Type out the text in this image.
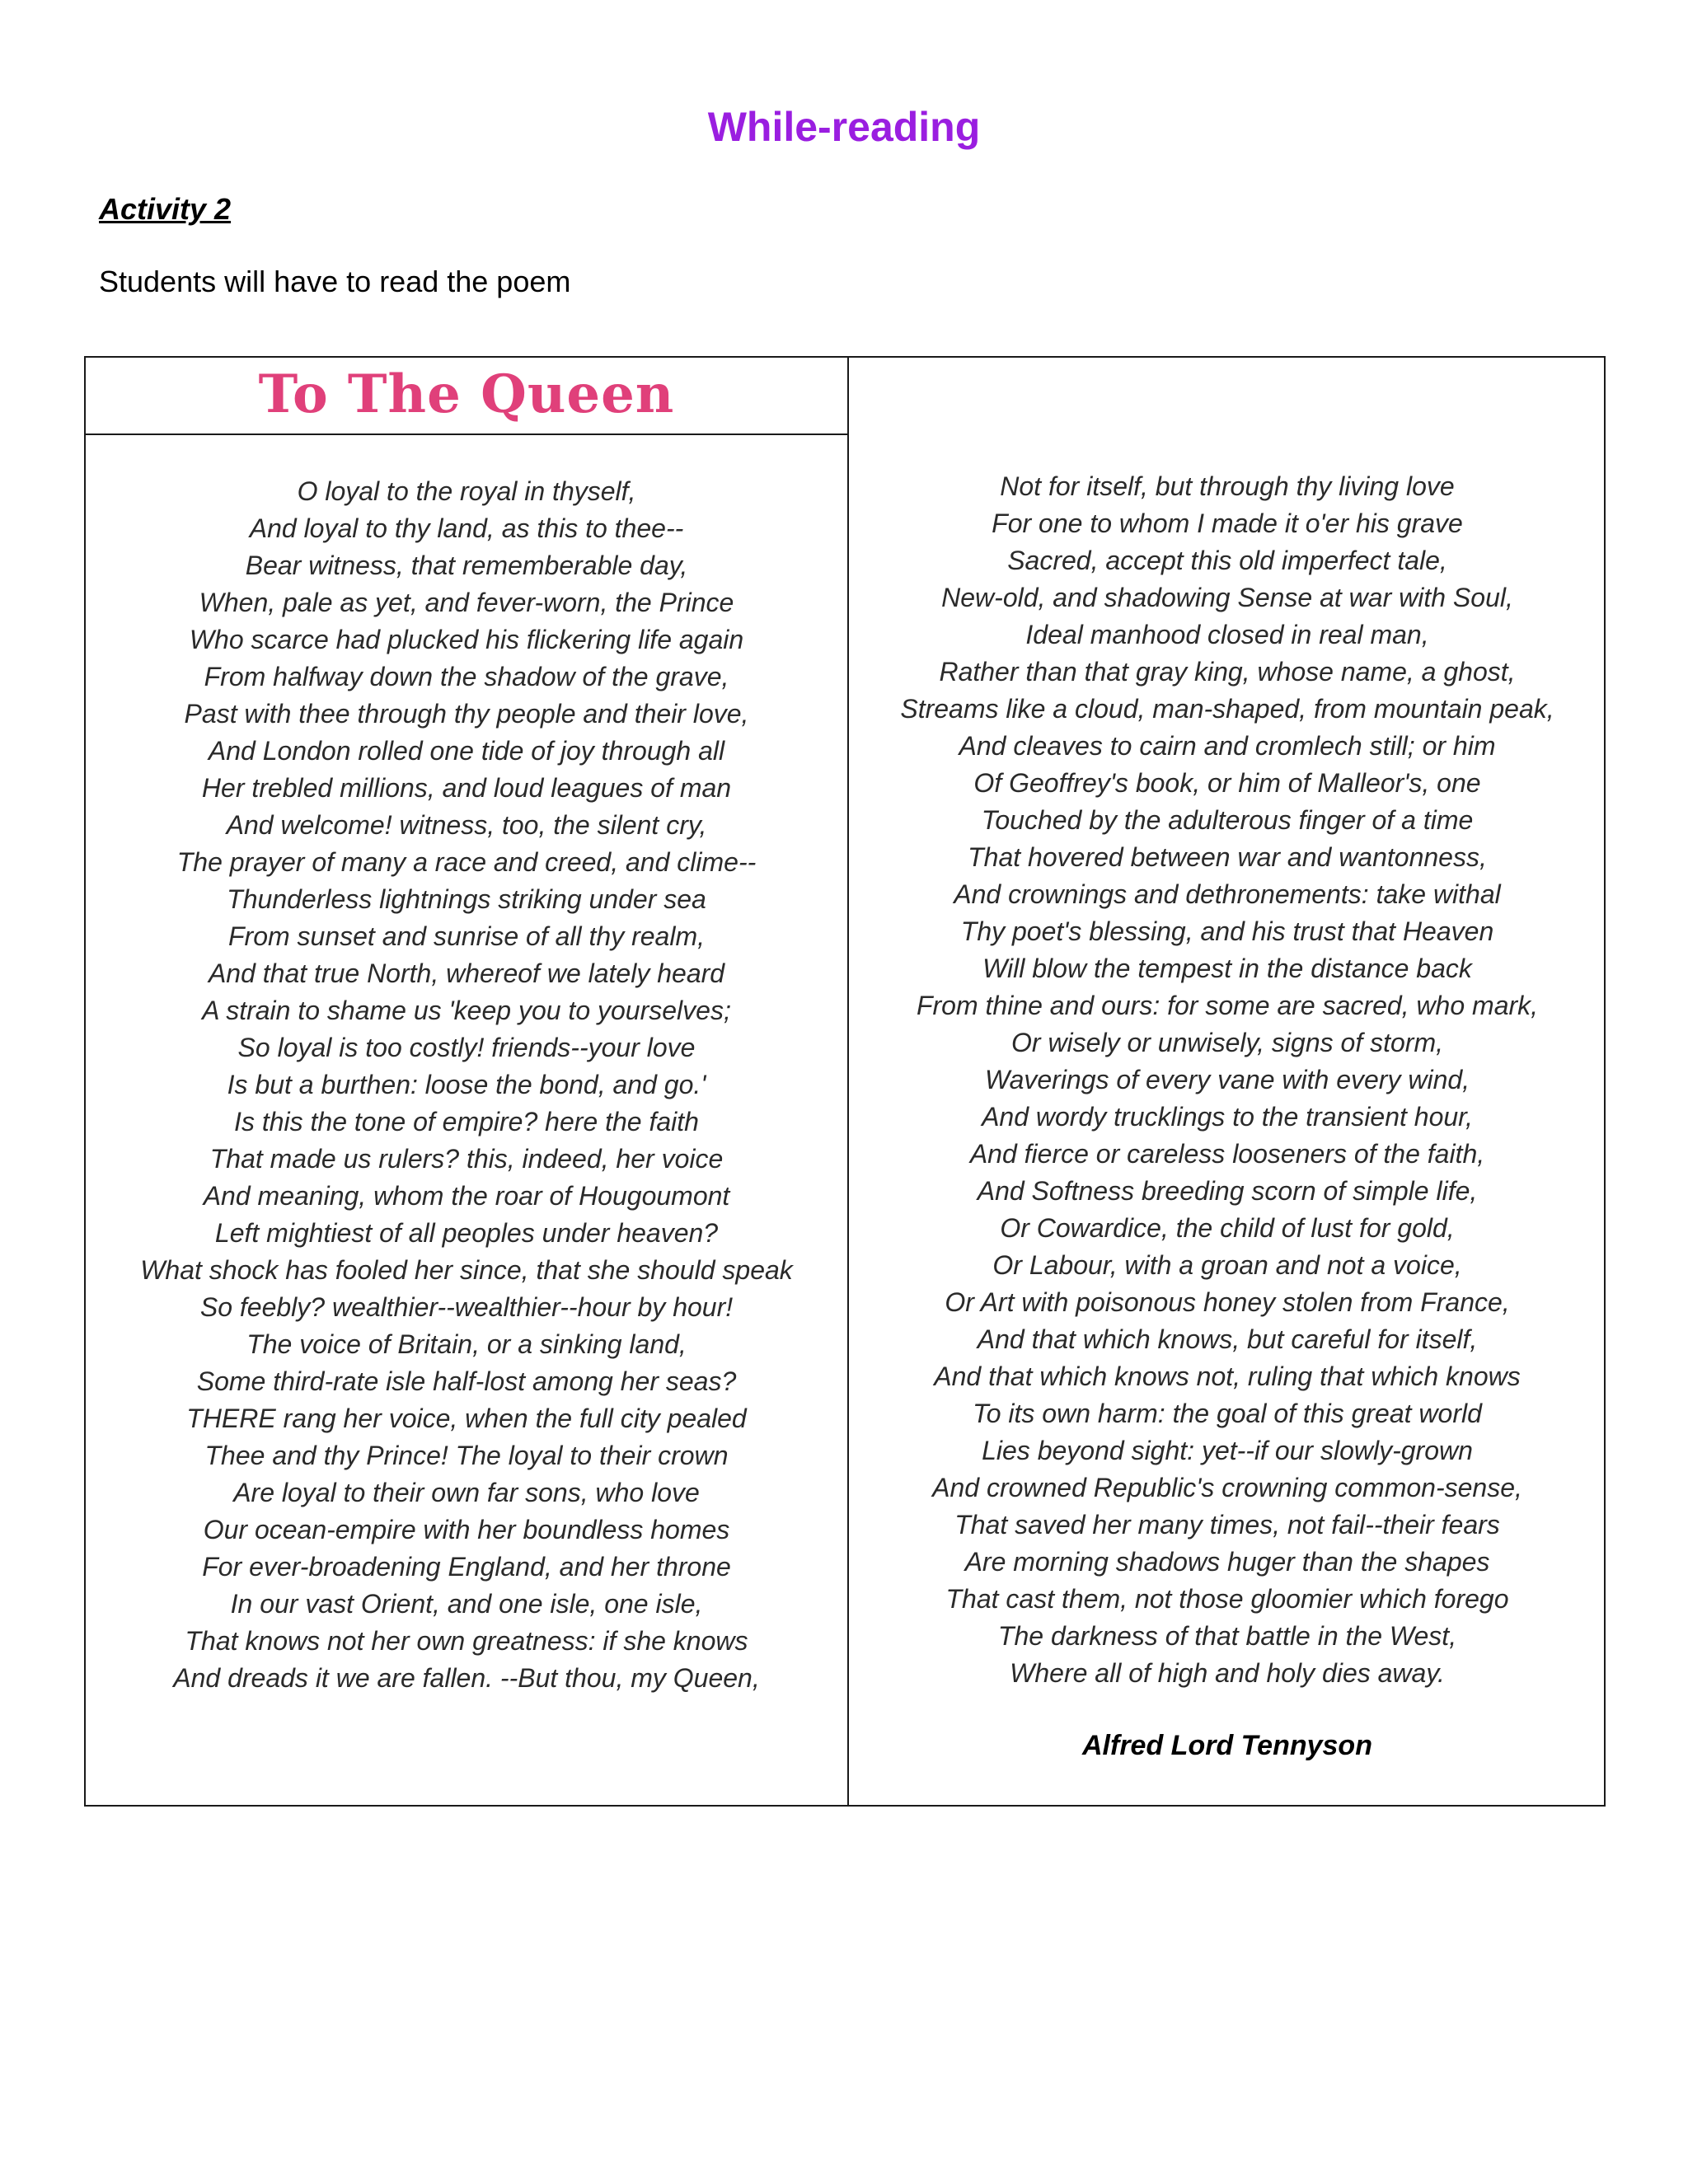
While-reading
Activity 2
Students will have to read the poem
To The Queen
O loyal to the royal in thyself,
And loyal to thy land, as this to thee--
Bear witness, that rememberable day,
When, pale as yet, and fever-worn, the Prince
Who scarce had plucked his flickering life again
From halfway down the shadow of the grave,
Past with thee through thy people and their love,
And London rolled one tide of joy through all
Her trebled millions, and loud leagues of man
And welcome! witness, too, the silent cry,
The prayer of many a race and creed, and clime--
Thunderless lightnings striking under sea
From sunset and sunrise of all thy realm,
And that true North, whereof we lately heard
A strain to shame us 'keep you to yourselves;
So loyal is too costly! friends--your love
Is but a burthen: loose the bond, and go.'
Is this the tone of empire? here the faith
That made us rulers? this, indeed, her voice
And meaning, whom the roar of Hougoumont
Left mightiest of all peoples under heaven?
What shock has fooled her since, that she should speak
So feebly? wealthier--wealthier--hour by hour!
The voice of Britain, or a sinking land,
Some third-rate isle half-lost among her seas?
THERE rang her voice, when the full city pealed
Thee and thy Prince! The loyal to their crown
Are loyal to their own far sons, who love
Our ocean-empire with her boundless homes
For ever-broadening England, and her throne
In our vast Orient, and one isle, one isle,
That knows not her own greatness: if she knows
And dreads it we are fallen. --But thou, my Queen,
Not for itself, but through thy living love
For one to whom I made it o'er his grave
Sacred, accept this old imperfect tale,
New-old, and shadowing Sense at war with Soul,
Ideal manhood closed in real man,
Rather than that gray king, whose name, a ghost,
Streams like a cloud, man-shaped, from mountain peak,
And cleaves to cairn and cromlech still; or him
Of Geoffrey's book, or him of Malleor's, one
Touched by the adulterous finger of a time
That hovered between war and wantonness,
And crownings and dethronements: take withal
Thy poet's blessing, and his trust that Heaven
Will blow the tempest in the distance back
From thine and ours: for some are sacred, who mark,
Or wisely or unwisely, signs of storm,
Waverings of every vane with every wind,
And wordy trucklings to the transient hour,
And fierce or careless looseners of the faith,
And Softness breeding scorn of simple life,
Or Cowardice, the child of lust for gold,
Or Labour, with a groan and not a voice,
Or Art with poisonous honey stolen from France,
And that which knows, but careful for itself,
And that which knows not, ruling that which knows
To its own harm: the goal of this great world
Lies beyond sight: yet--if our slowly-grown
And crowned Republic's crowning common-sense,
That saved her many times, not fail--their fears
Are morning shadows huger than the shapes
That cast them, not those gloomier which forego
The darkness of that battle in the West,
Where all of high and holy dies away.
Alfred Lord Tennyson
